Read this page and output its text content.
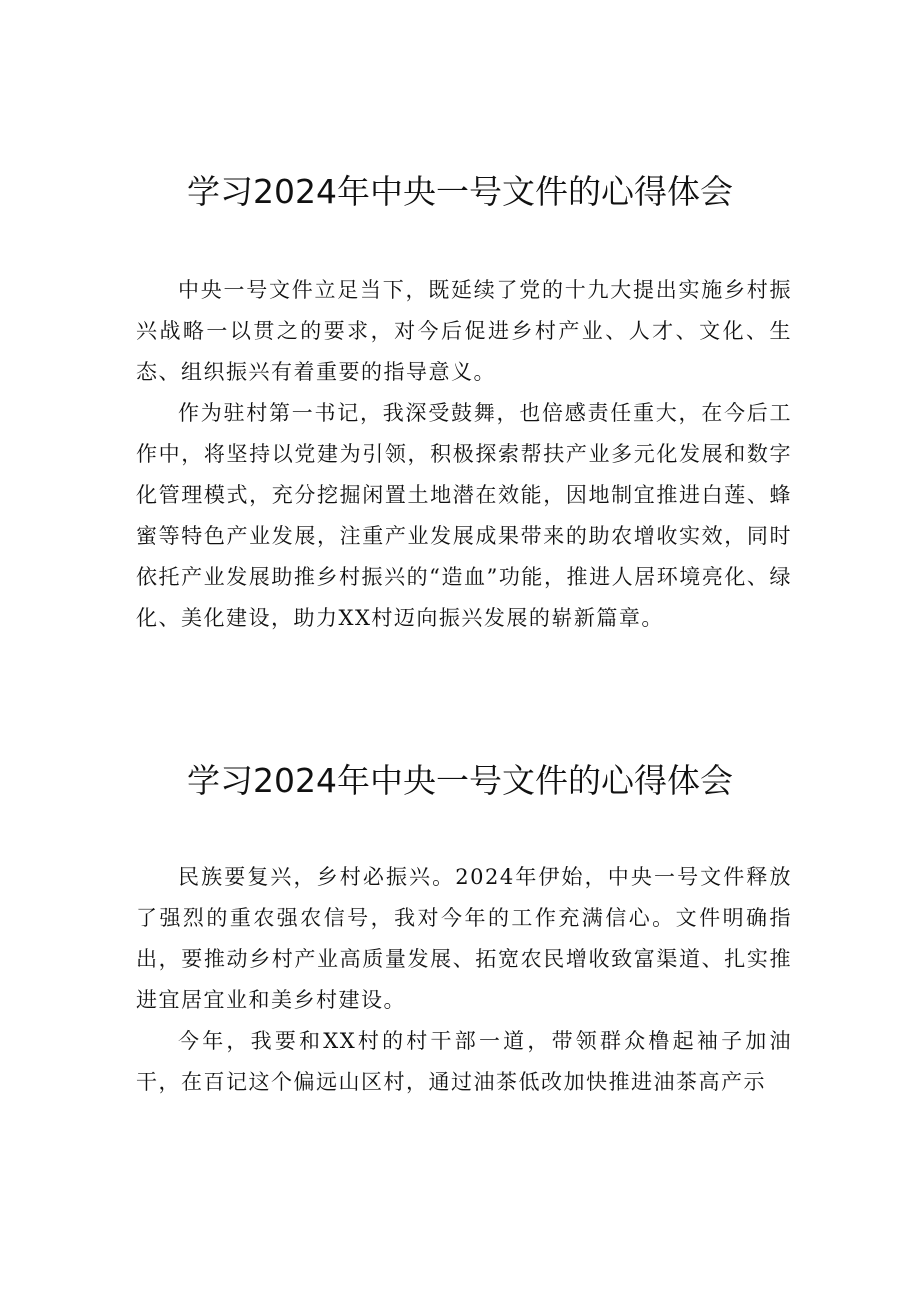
学习2024年中央一号文件的心得体会

中央一号文件立足当下，既延续了党的十九大提出实施乡村振兴战略一以贯之的要求，对今后促进乡村产业、人才、文化、生态、组织振兴有着重要的指导意义。

作为驻村第一书记，我深受鼓舞，也倍感责任重大，在今后工作中，将坚持以党建为引领，积极探索帮扶产业多元化发展和数字化管理模式，充分挖掘闲置土地潜在效能，因地制宜推进白莲、蜂蜜等特色产业发展，注重产业发展成果带来的助农增收实效，同时依托产业发展助推乡村振兴的“造血”功能，推进人居环境亮化、绿化、美化建设，助力XX村迈向振兴发展的崭新篇章。

学习2024年中央一号文件的心得体会

民族要复兴，乡村必振兴。2024年伊始，中央一号文件释放了强烈的重农强农信号，我对今年的工作充满信心。文件明确指出，要推动乡村产业高质量发展、拓宽农民增收致富渠道、扎实推进宜居宜业和美乡村建设。

今年，我要和XX村的村干部一道，带领群众橹起袖子加油干，在百记这个偏远山区村，通过油茶低改加快推进油茶高产示
